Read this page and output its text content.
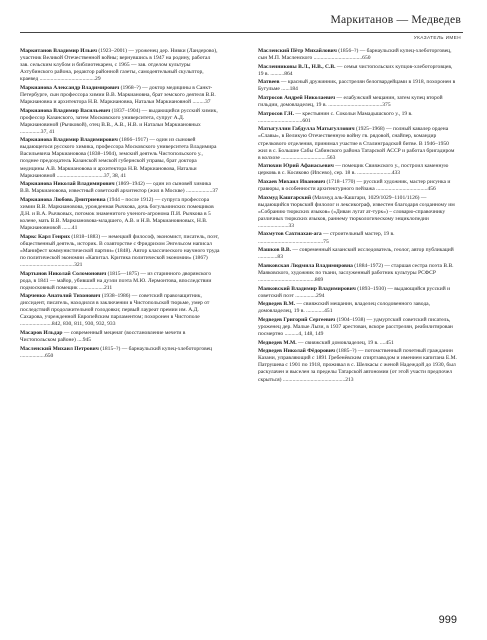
Маркитанов — Медведев
УКАЗАТЕЛЬ ИМЕН
Маркитанов Владимир Ильич (1923–2001) — уроженец дер. Нивки (Ландерово), участник Великой Отечественной войны; вернувшись в 1947 на родину, работал зав. сельским клубом и библиотекарем, с 1965 — зав. отделом культуры Ахтубинского района, редактор районной газеты, самодеятельный скульптор, краевед ........................................29
Маркианова Александр Владимирович (1968–?) — доктор медицины в Санкт-Петербурге, сын профессора химии В.В. Маркиановна, брат земского деятеля В.В. Маркиановна и архитектора Н.В. Маркиановна, Натальи Маркиановной .........37
Маркианова Владимир Васильевич (1837–1904) — выдающийся русский химик, профессор Казанского, затем Московского университета, супруг А.Д. Маркиановиной (Рычковой), отец В.В., А.В., Н.В. и Натальи Маркиановных ...............37, 41
Маркианова Владимир Владимирович (1866–1917) — один из сыновей выдающегося русского химика, профессора Московского университета Владимира Васильевича Маркиановова (1838–1904), земский деятель Чистопольского у., позднее председатель Казанской земской губернской управы, брат доктора медицины А.В. Маркиановова и архитектора Н.В. Маркиановова, Натальи Маркиановной ..................................37, 38, 41
Маркианова Николай Владимирович (1869–1942) — один из сыновей химика В.В. Маркиановова, известный советский архитектор (жил в Москве) ...................37
Маркианова Любовь Дмитриевна (1944 – после 1912) — супруга профессора химии В.В. Маркиановова, урожденная Рычкова, дочь богульминских помещиков Д.Н. и В.А. Рычковых, потомок знаменитого ученого-агронома П.И. Рычкова в 5 колене, мать В.В. Маркиановова-младшего, А.В. и Н.В. Маркиановновых, Н.В. Маркиановновой .......41
Маркс Карл Генрих (1818–1883) — немецкий философ, экономист, писатель, поэт, общественный деятель, историк. В соавторстве с Фридрихом Энгельсом написал «Манифест коммунистической партии» (1848). Автор классического научного труда по политической экономии «Капитал. Критика политической экономии» (1867) .......................................321
Мартынов Николай Соломонович (1815—1875) — из старинного дворянского рода, в 1841 — майор, убивший на дуэли поэта М.Ю. Лермонтова, впоследствии подмосковный помещик ..................211
Марченко Анатолий Тихонович (1938–1986) — советский правозащитник, диссидент, писатель, находился в заключении в Чистопольской тюрьме, умер от последствий продолжительной голодовки; первый лауреат премии им. А.Д. Сахарова, учрежденной Европейским парламентом; похоронен в Чистополе .......................842, 830, 811, 930, 932, 933
Масаров Ильдар — современный меценат (восстановление мечети в Чистопольском районе) ....945
Масленский Михаил Петрович (1815–?) — барнаульский купец-хлеботорговец ..................650
Масленский Пётр Михайлович (1856–?) — барнаульский купец-хлеботорговец, сын М.П. Масленского ...................................650
Масленниковы В.Л., Н.В., С.В. — семья чистопольских купцов-хлеботорговцев, 19 в. ..........864
Матвеев — красный дружинник, расстрелян белогвардейцами в 1918, похоронен в Бугульме ......184
Матросов Андрей Николаевич — елабужский мещанин, затем купец второй гильдии, домовладелец, 19 в. .......................................375
Матросов Г.Н. — крестьянин с. Сокольи Мамадышского у., 19 в. ................................601
Матыгуллин Габдулла Матыгуллович (1925–1968) — полный кавалер ордена «Славы», в Великую Отечественную войну гв. рядовой, снайпер, командир стрелкового отделения, принимал участие в Сталинградской битве. В 1946–1950 жил в с. Большие Сабы Сабинского района Татарской АССР и работал бригадиром в колхозе .................................563
Матюхин Юрий Афанасьевич — помещик Свияжского у., построил каменную церковь в с. Косяково (Ипсево), сер. 18 в. .........................433
Махаев Михаил Иванович (1718–1770) — русский художник, мастер рисунка и гравюры, в особенности архитектурного пейзажа .....................................456
Махмуд Кашгарский (Махмуд аль-Кашгари, 1029/1029–1101/1126) — выдающийся тюркский филолог и лексикограф, известен благодаря созданному им «Собранию тюркских языков» («Диван лугат ат-турк») – словарю-справочнику различных тюркских языков, раннему тюркологическому энциклопедии ......................33
Махмутов Сахтиахан-ага — строительный мастер, 19 в. ...............................................75
Машков В.В. — современный казанский исследователь, геолог, автор публикаций ..............83
Маяковская Людмила Владимировна (1884–1972) — старшая сестра поэта В.В. Маяковского, художник по ткани, заслуженный работник культуры РСФСР .........................................869
Маяковский Владимир Владимирович (1893–1930) — выдающийся русский и советский поэт ...............294
Медведев В.М. — свияжский мещанин, владелец солодовенного завода, домовладелец, 19 в. .............451
Медведев Григорий Сергеевич (1904–1938) — удмуртский советский писатель, уроженец дер. Малые Лызи, в 1937 арестован, вскоре расстрелян, реабилитирован посмертно ..........4, 148, 149
Медведев М.М. — свияжский домовладелец, 19 в. ....451
Медведев Николай Фёдорович (1885–?) — потомственный почетный гражданин Казани, управляющий с 1891 Гребенёвским спиртзаводом и имением капитана Е.М. Патрушева с 1901 по 1918, проживал в с. Шелкасы с женой Надеждой до 1930, был раскулачен и выселен за пределы Татарской автономии (от этой участи предпочел скрыться) .............................................213
999
